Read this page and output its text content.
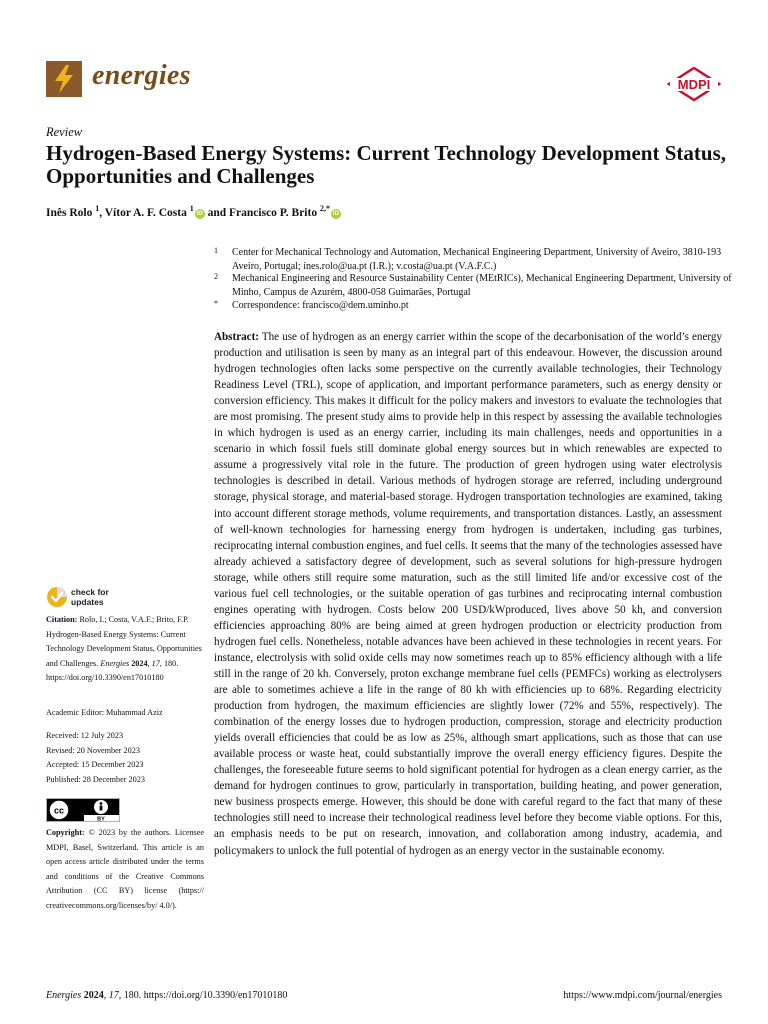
energies	MDPI
Review
Hydrogen-Based Energy Systems: Current Technology Development Status, Opportunities and Challenges
Inês Rolo $^1$, Vítor A. F. Costa $^1$iD and Francisco P. Brito $^{2,*}$iD
1 Center for Mechanical Technology and Automation, Mechanical Engineering Department, University of Aveiro, 3810-193 Aveiro, Portugal; ines.rolo@ua.pt (I.R.); v.costa@ua.pt (V.A.F.C.)
2 Mechanical Engineering and Resource Sustainability Center (MEtRICs), Mechanical Engineering Department, University of Minho, Campus de Azurém, 4800-058 Guimarães, Portugal
* Correspondence: francisco@dem.uminho.pt
Abstract: The use of hydrogen as an energy carrier within the scope of the decarbonisation of the world’s energy production and utilisation is seen by many as an integral part of this endeavour. However, the discussion around hydrogen technologies often lacks some perspective on the currently available technologies, their Technology Readiness Level (TRL), scope of application, and important performance parameters, such as energy density or conversion efficiency. This makes it difficult for the policy makers and investors to evaluate the technologies that are most promising. The present study aims to provide help in this respect by assessing the available technologies in which hydrogen is used as an energy carrier, including its main challenges, needs and opportunities in a scenario in which fossil fuels still dominate global energy sources but in which renewables are expected to assume a progressively vital role in the future. The production of green hydrogen using water electrolysis technologies is described in detail. Various methods of hydrogen storage are referred, including underground storage, physical storage, and material-based storage. Hydrogen transportation technologies are examined, taking into account different storage methods, volume requirements, and transportation distances. Lastly, an assessment of well-known technologies for harnessing energy from hydrogen is undertaken, including gas turbines, reciprocating internal combustion engines, and fuel cells. It seems that the many of the technologies assessed have already achieved a satisfactory degree of development, such as several solutions for high-pressure hydrogen storage, while others still require some maturation, such as the still limited life and/or excessive cost of the various fuel cell technologies, or the suitable operation of gas turbines and reciprocating internal combustion engines operating with hydrogen. Costs below 200 USD/kWproduced, lives above 50 kh, and conversion efficiencies approaching 80% are being aimed at green hydrogen production or electricity production from hydrogen fuel cells. Nonetheless, notable advances have been achieved in these technologies in recent years. For instance, electrolysis with solid oxide cells may now sometimes reach up to 85% efficiency although with a life still in the range of 20 kh. Conversely, proton exchange membrane fuel cells (PEMFCs) working as electrolysers are able to sometimes achieve a life in the range of 80 kh with efficiencies up to 68%. Regarding electricity production from hydrogen, the maximum efficiencies are slightly lower (72% and 55%, respectively). The combination of the energy losses due to hydrogen production, compression, storage and electricity production yields overall efficiencies that could be as low as 25%, although smart applications, such as those that can use available process or waste heat, could substantially improve the overall energy efficiency figures. Despite the challenges, the foreseeable future seems to hold significant potential for hydrogen as a clean energy carrier, as the demand for hydrogen continues to grow, particularly in transportation, building heating, and power generation, new business prospects emerge. However, this should be done with careful regard to the fact that many of these technologies still need to increase their technological readiness level before they become viable options. For this, an emphasis needs to be put on research, innovation, and collaboration among industry, academia, and policymakers to unlock the full potential of hydrogen as an energy vector in the sustainable economy.
check for
updates
Citation: Rolo, I.; Costa, V.A.F.; Brito, F.P. Hydrogen-Based Energy Systems: Current Technology Development Status, Opportunities and Challenges. Energies 2024, 17, 180. https://doi.org/10.3390/en17010180
Academic Editor: Muhammad Aziz
Received: 12 July 2023
Revised: 20 November 2023
Accepted: 15 December 2023
Published: 28 December 2023
cc
BY
Copyright: © 2023 by the authors. Licensee MDPI, Basel, Switzerland. This article is an open access article distributed under the terms and conditions of the Creative Commons Attribution (CC BY) license (https:// creativecommons.org/licenses/by/ 4.0/).
Energies 2024, 17, 180. https://doi.org/10.3390/en17010180	https://www.mdpi.com/journal/energies
